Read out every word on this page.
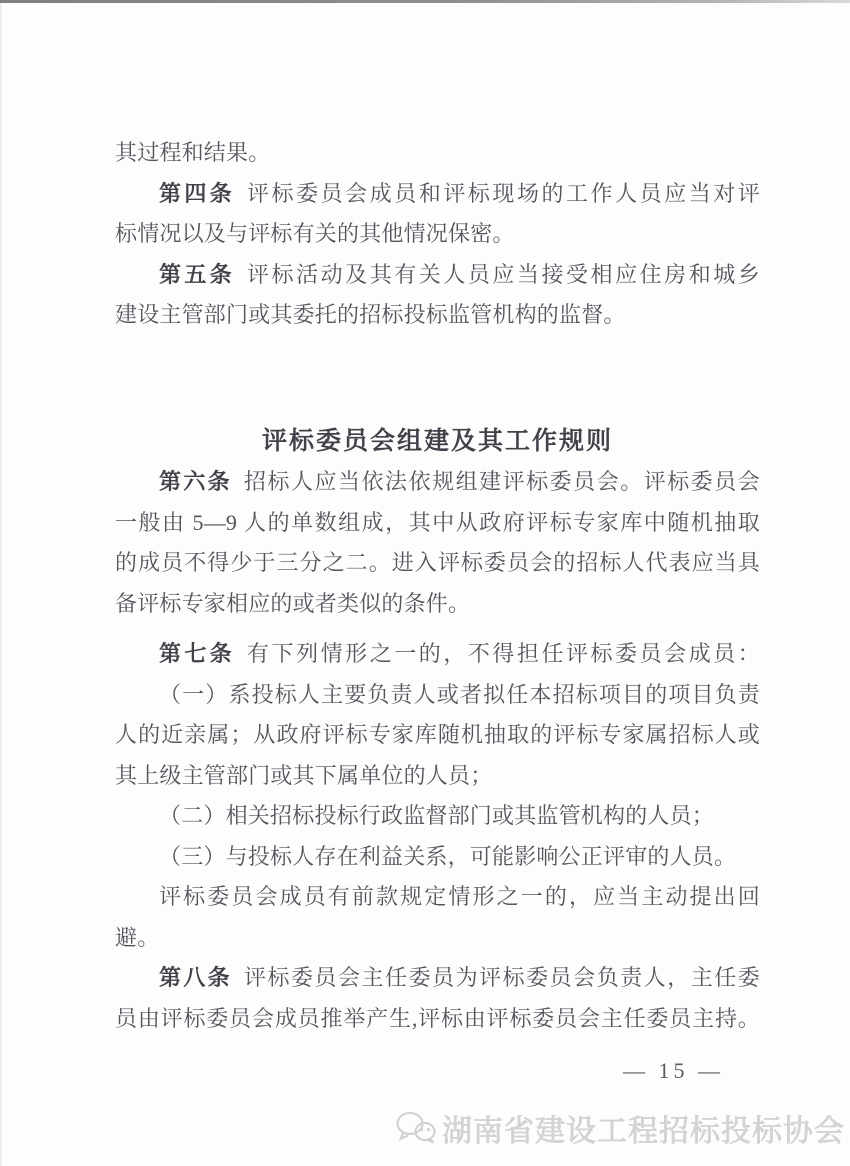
其过程和结果。
第四条 评标委员会成员和评标现场的工作人员应当对评
标情况以及与评标有关的其他情况保密。
第五条 评标活动及其有关人员应当接受相应住房和城乡
建设主管部门或其委托的招标投标监管机构的监督。
评标委员会组建及其工作规则
第六条 招标人应当依法依规组建评标委员会。评标委员会
一般由 5—9 人的单数组成，其中从政府评标专家库中随机抽取
的成员不得少于三分之二。进入评标委员会的招标人代表应当具
备评标专家相应的或者类似的条件。
第七条 有下列情形之一的，不得担任评标委员会成员：
（一）系投标人主要负责人或者拟任本招标项目的项目负责
人的近亲属；从政府评标专家库随机抽取的评标专家属招标人或
其上级主管部门或其下属单位的人员；
（二）相关招标投标行政监督部门或其监管机构的人员；
（三）与投标人存在利益关系，可能影响公正评审的人员。
评标委员会成员有前款规定情形之一的，应当主动提出回
避。
第八条 评标委员会主任委员为评标委员会负责人，主任委
员由评标委员会成员推举产生,评标由评标委员会主任委员主持。
— 15 —
湖南省建设工程招标投标协会
